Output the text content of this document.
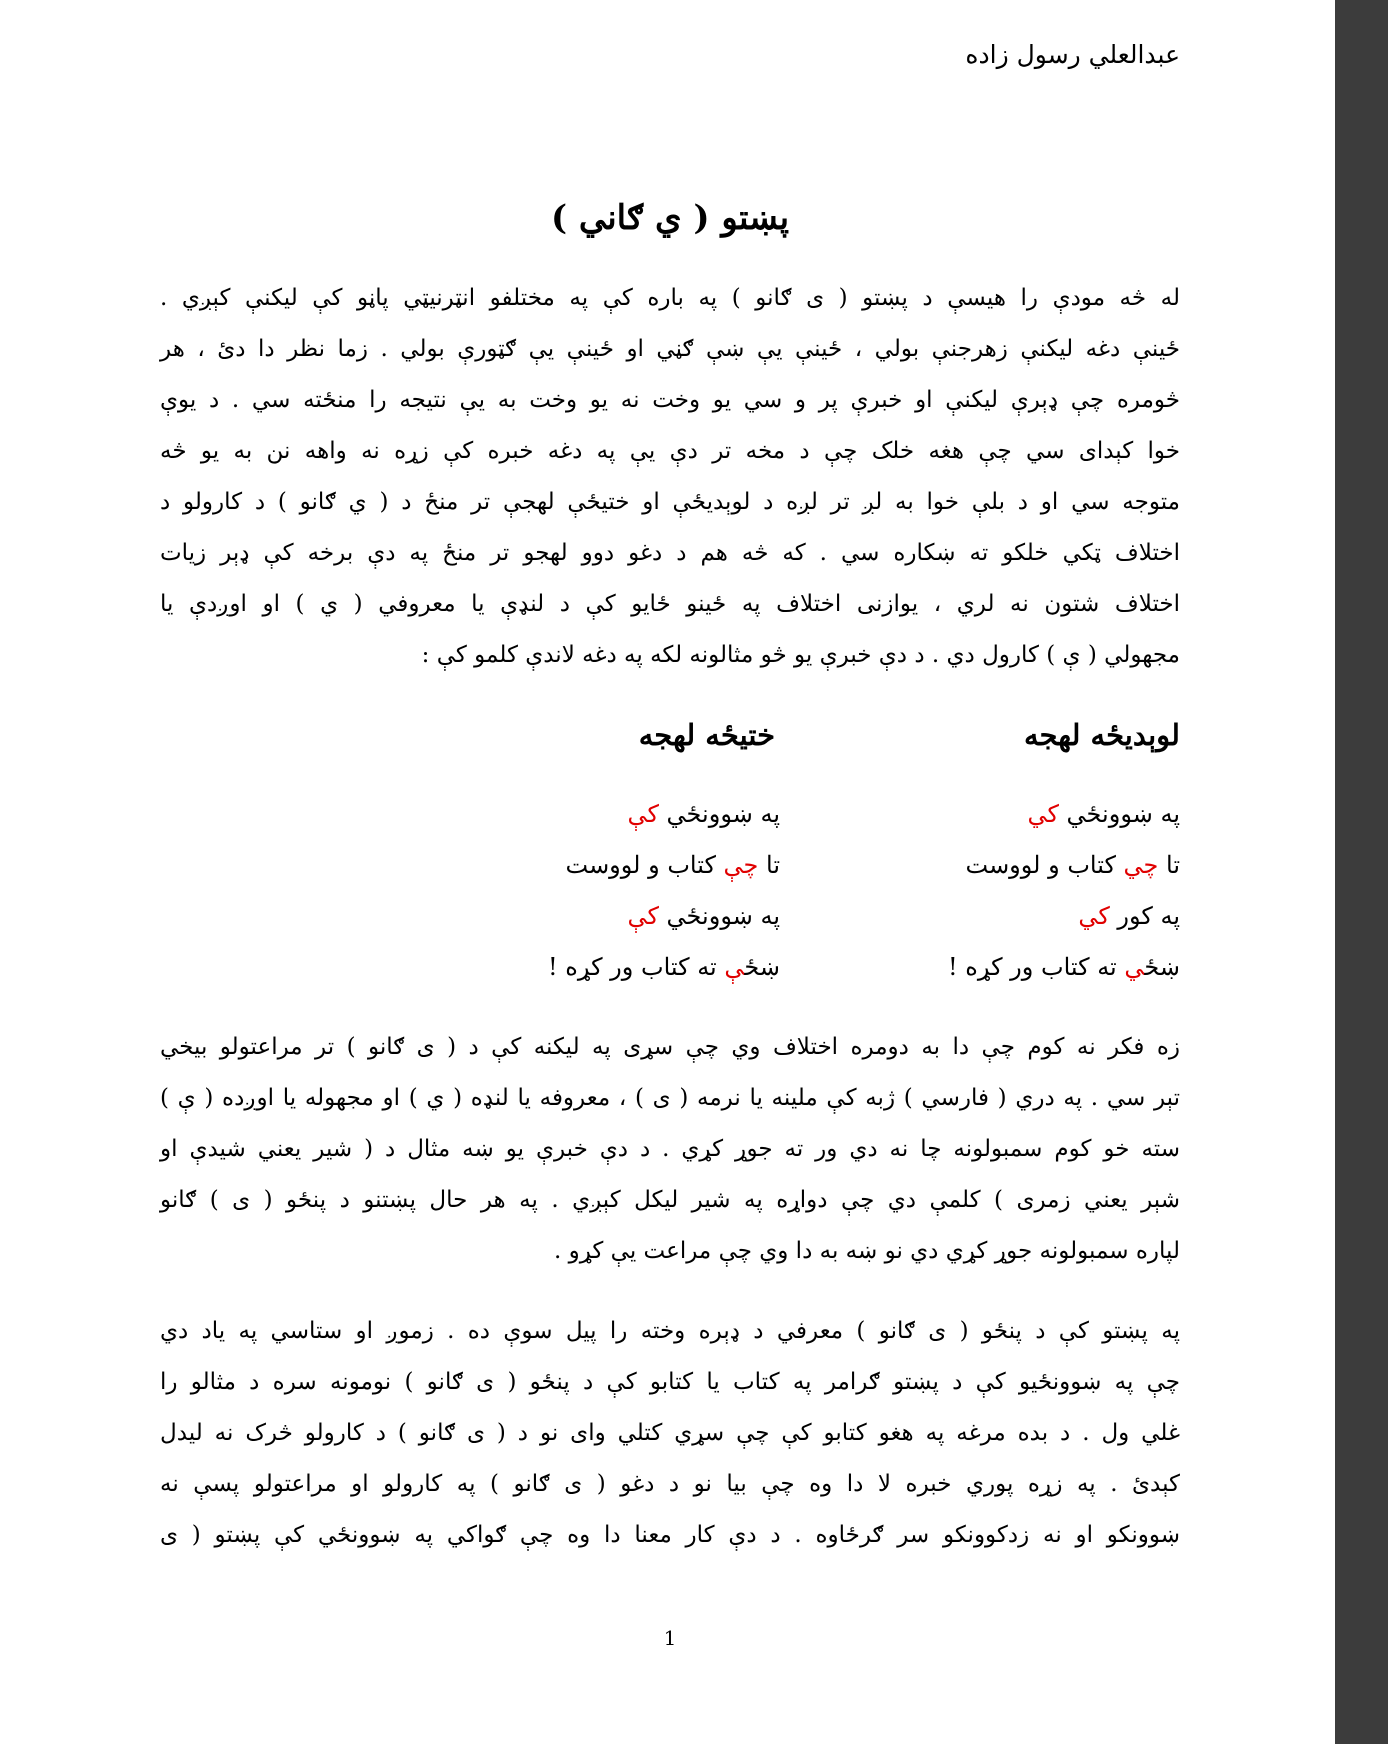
عبدالعلي رسول زاده
پښتو ( ي ګاني )
له څه مودې را هیسې د پښتو ( ی ګانو ) په باره کې په مختلفو انټرنیټي پاڼو کې لیکنې کېږي .
ځینې دغه لیکنې زهرجنې بولي ، ځینې یې ښې ګڼي او ځینې یې ګټورې بولي . زما نظر دا دئ ، هر
څومره چې ډېرې لیکنې او خبرې پر و سي یو وخت نه یو وخت به یې نتیجه را منځته سي . د یوې
خوا کېدای سي چې هغه خلک چې د مخه تر دې یې په دغه خبره کې زړه نه واهه نن به یو څه
متوجه سي او د بلې خوا به لږ تر لږه د لوېدیځې او ختیځې لهجې تر منځ د ( ي ګانو ) د کارولو د
اختلاف ټکي خلکو ته ښکاره سي . که څه هم د دغو دوو لهجو تر منځ په دې برخه کې ډېر زیات
اختلاف شتون نه لري ، یوازنی اختلاف په ځینو ځایو کې د لنډې یا معروفي ( ي ) او اوږدې یا
مجهولي ( ې ) کارول دي . د دې خبرې یو څو مثالونه لکه په دغه لاندې کلمو کې :
لوېدیځه لهجه
ختیځه لهجه
په ښوونځي کي
تا چي کتاب و لووست
په کور کي
ښځي ته کتاب ور کړه !
په ښوونځي کې
تا چې کتاب و لووست
په ښوونځي کې
ښځې ته کتاب ور کړه !
زه فکر نه کوم چې دا به دومره اختلاف وي چې سړی په لیکنه کې د ( ی ګانو ) تر مراعتولو بیخي
تېر سي . په دري ( فارسي ) ژبه کې ملینه یا نرمه ( ی ) ، معروفه یا لنډه ( ي ) او مجهوله یا اوږده ( ې )
سته خو کوم سمبولونه چا نه دي ور ته جوړ کړي . د دې خبرې یو ښه مثال د ( شیر یعني شیدې او
شېر یعني زمری ) کلمې دي چې دواړه په شیر لیکل کېږي . په هر حال پښتنو د پنځو ( ی ) ګانو
لپاره سمبولونه جوړ کړي دي نو ښه به دا وي چې مراعت یې کړو .
په پښتو کې د پنځو ( ی ګانو ) معرفي د ډېره وخته را پیل سوې ده . زموږ او ستاسي په یاد دي
چې په ښوونځیو کې د پښتو ګرامر په کتاب یا کتابو کې د پنځو ( ی ګانو ) نومونه سره د مثالو را
غلي ول . د بده مرغه په هغو کتابو کې چې سړي کتلي وای نو د ( ی ګانو ) د کارولو څرک نه لیدل
کېدئ . په زړه پوري خبره لا دا وه چې بیا نو د دغو ( ی ګانو ) په کارولو او مراعتولو پسې نه
ښوونکو او نه زدکوونکو سر ګرځاوه . د دې کار معنا دا وه چې ګواکي په ښوونځي کې پښتو ( ی
1
